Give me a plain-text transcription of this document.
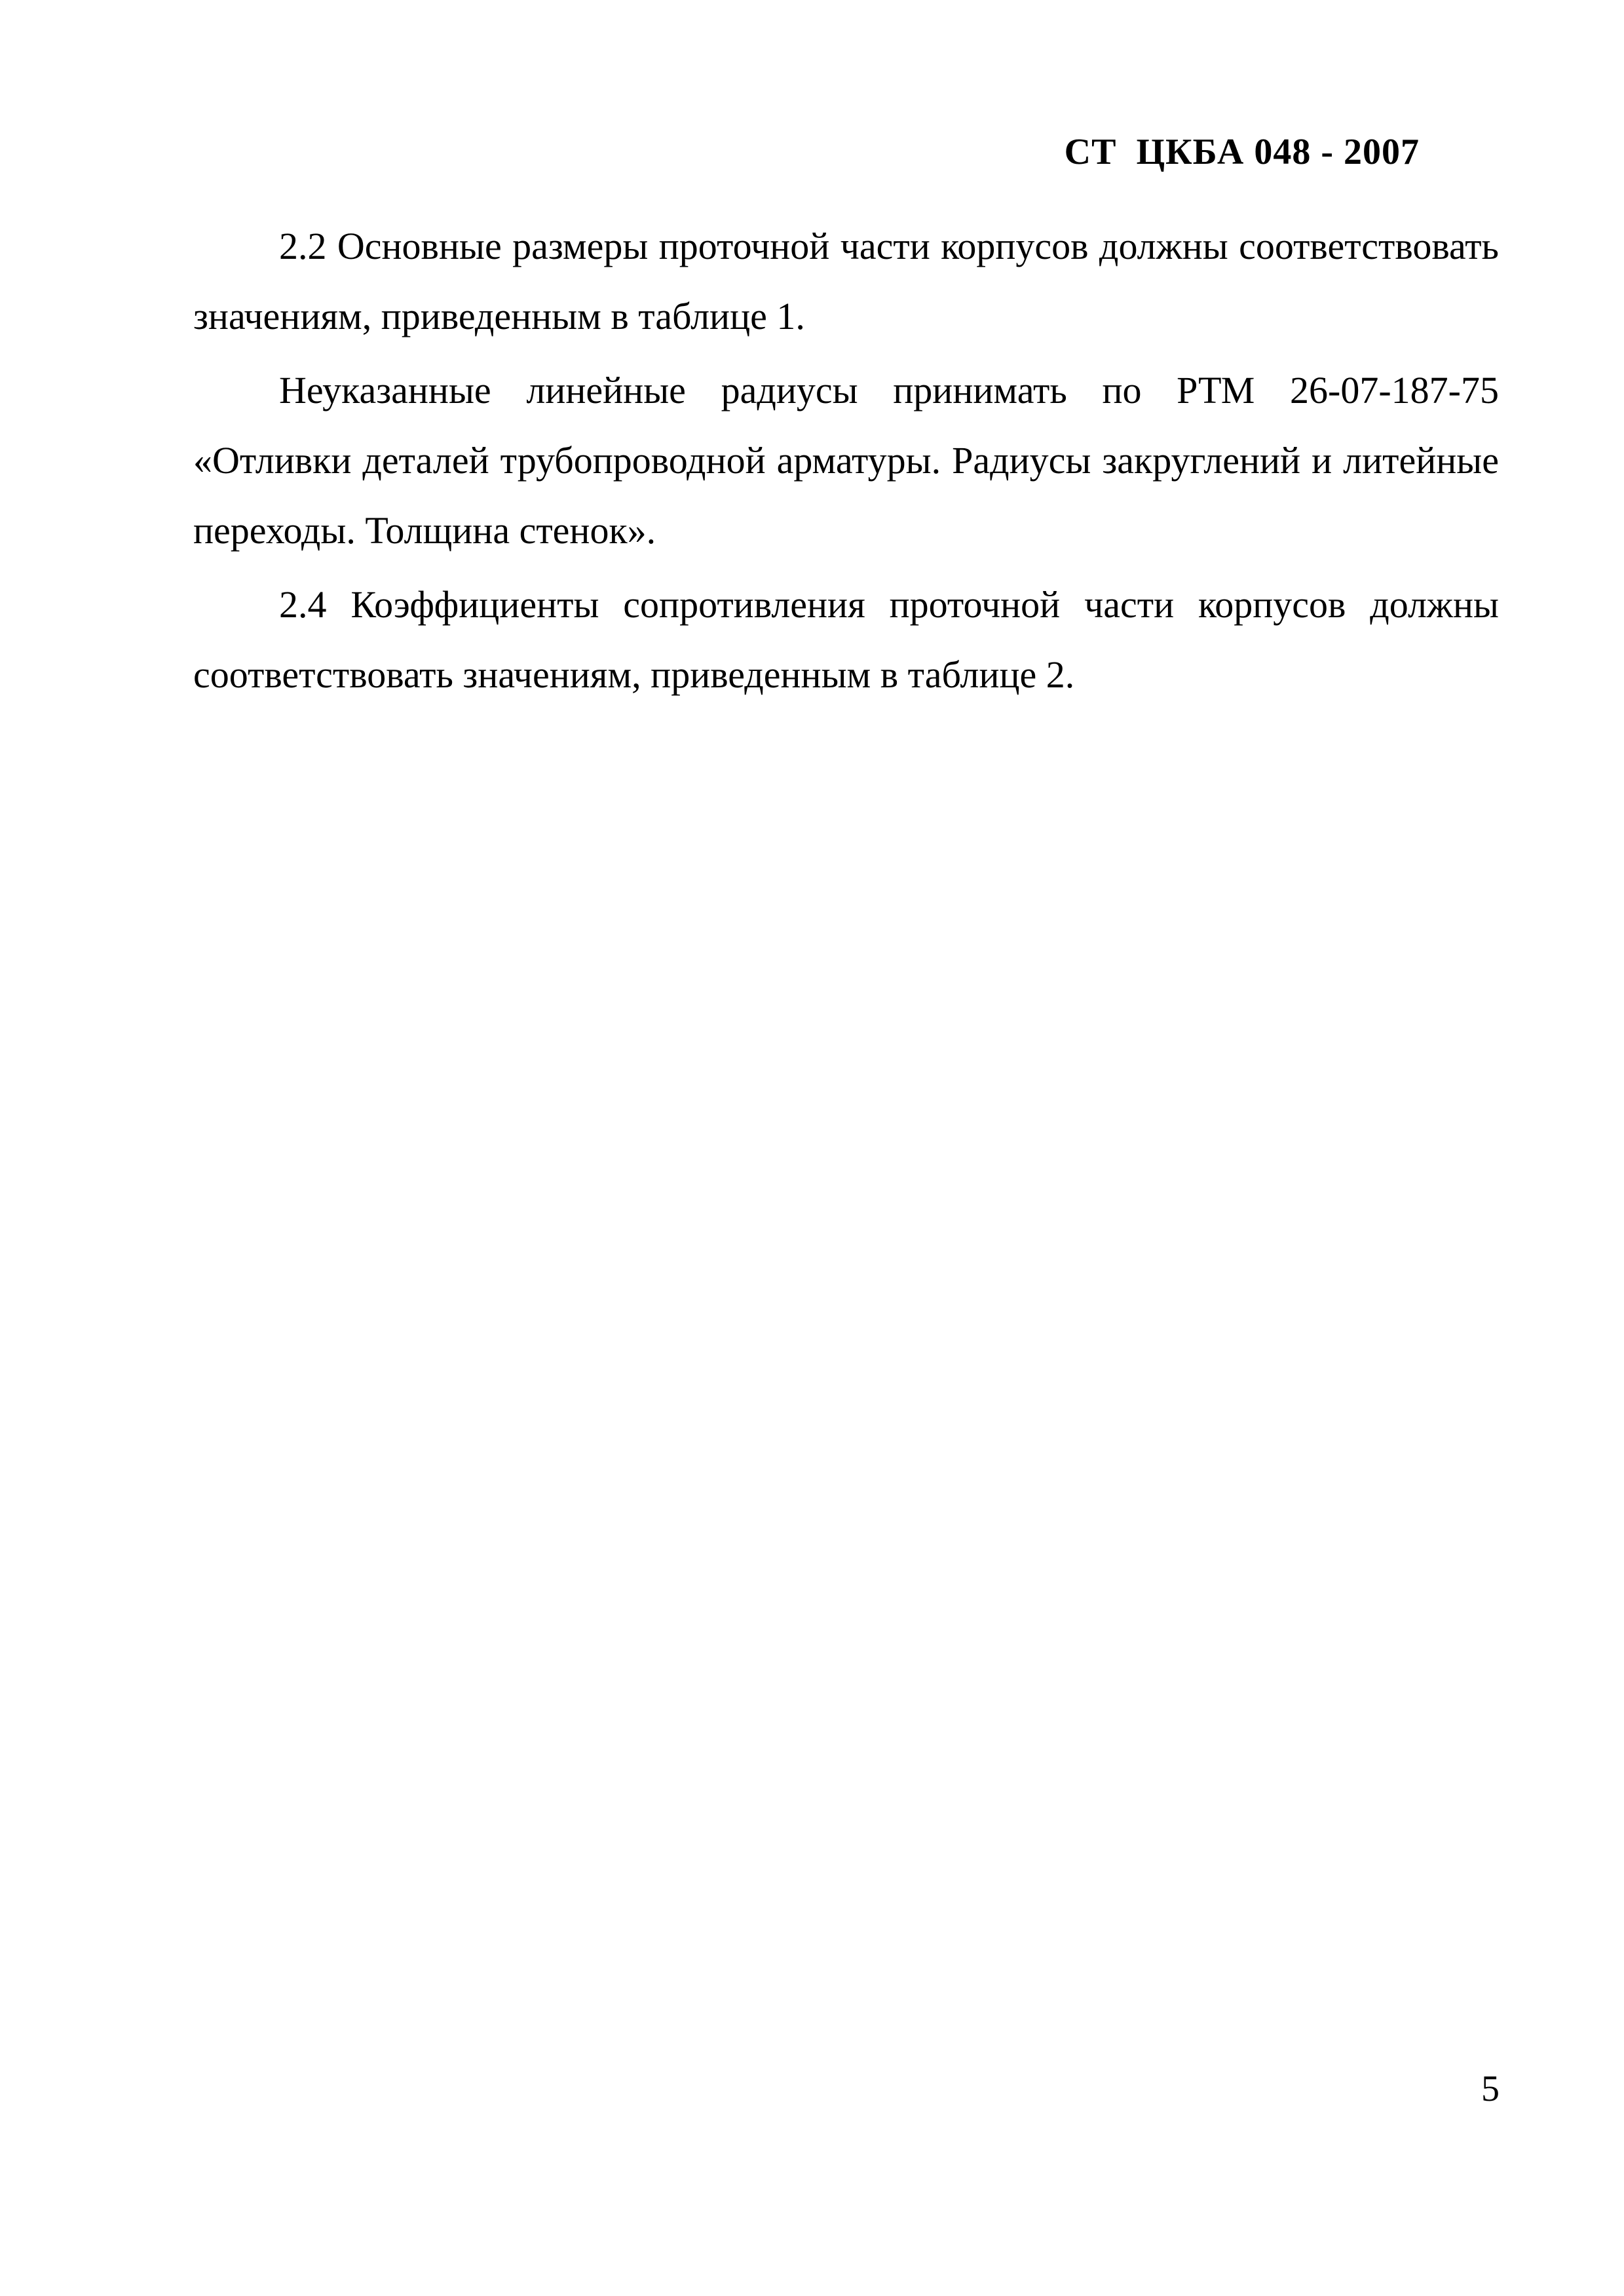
СТ  ЦКБА 048 - 2007

2.2 Основные размеры проточной части корпусов должны соответствовать значениям, приведенным в таблице 1.

Неуказанные линейные радиусы принимать по РТМ 26-07-187-75 «Отливки деталей трубопроводной арматуры. Радиусы закруглений и литейные переходы. Толщина стенок».

2.4 Коэффициенты сопротивления проточной части корпусов должны соответствовать значениям, приведенным в таблице 2.

5
